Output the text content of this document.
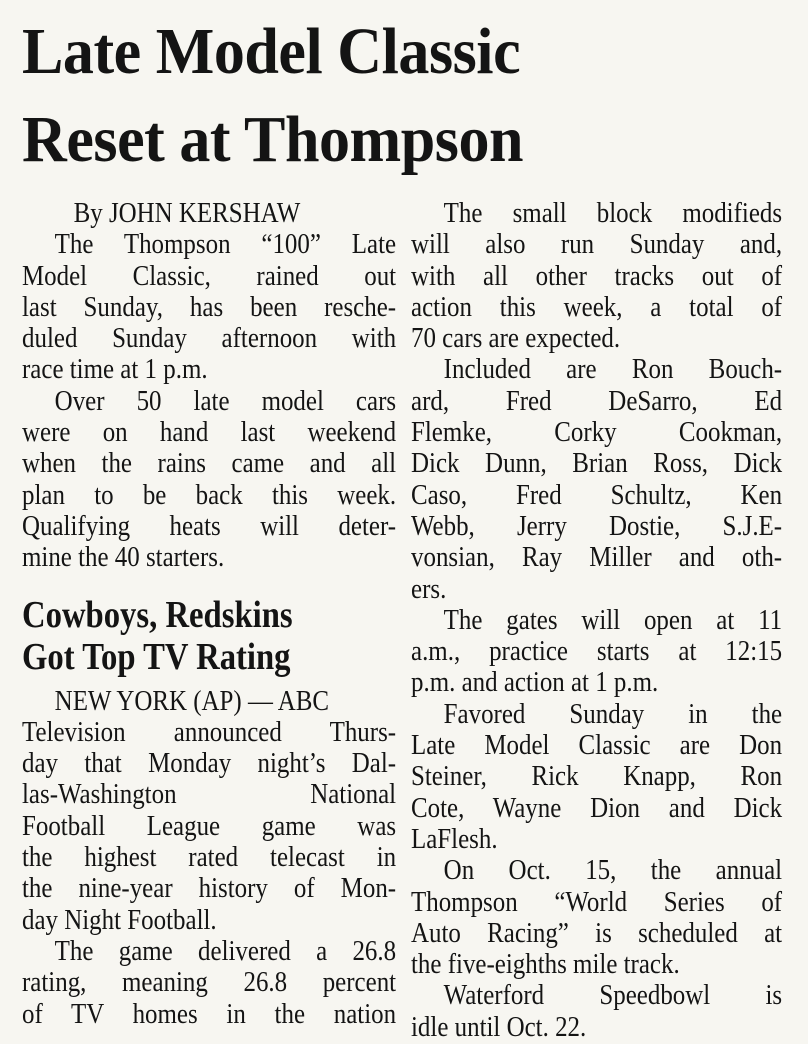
Late Model Classic
Reset at Thompson
By JOHN KERSHAW
The Thompson “100” Late
Model Classic, rained out
last Sunday, has been resche-
duled Sunday afternoon with
race time at 1 p.m.
Over 50 late model cars
were on hand last weekend
when the rains came and all
plan to be back this week.
Qualifying heats will deter-
mine the 40 starters.
Cowboys, Redskins
Got Top TV Rating
NEW YORK (AP) — ABC
Television announced Thurs-
day that Monday night’s Dal-
las-Washington National
Football League game was
the highest rated telecast in
the nine-year history of Mon-
day Night Football.
The game delivered a 26.8
rating, meaning 26.8 percent
of TV homes in the nation
The small block modifieds
will also run Sunday and,
with all other tracks out of
action this week, a total of
70 cars are expected.
Included are Ron Bouch-
ard, Fred DeSarro, Ed
Flemke, Corky Cookman,
Dick Dunn, Brian Ross, Dick
Caso, Fred Schultz, Ken
Webb, Jerry Dostie, S.J.E-
vonsian, Ray Miller and oth-
ers.
The gates will open at 11
a.m., practice starts at 12:15
p.m. and action at 1 p.m.
Favored Sunday in the
Late Model Classic are Don
Steiner, Rick Knapp, Ron
Cote, Wayne Dion and Dick
LaFlesh.
On Oct. 15, the annual
Thompson “World Series of
Auto Racing” is scheduled at
the five-eighths mile track.
Waterford Speedbowl is
idle until Oct. 22.
